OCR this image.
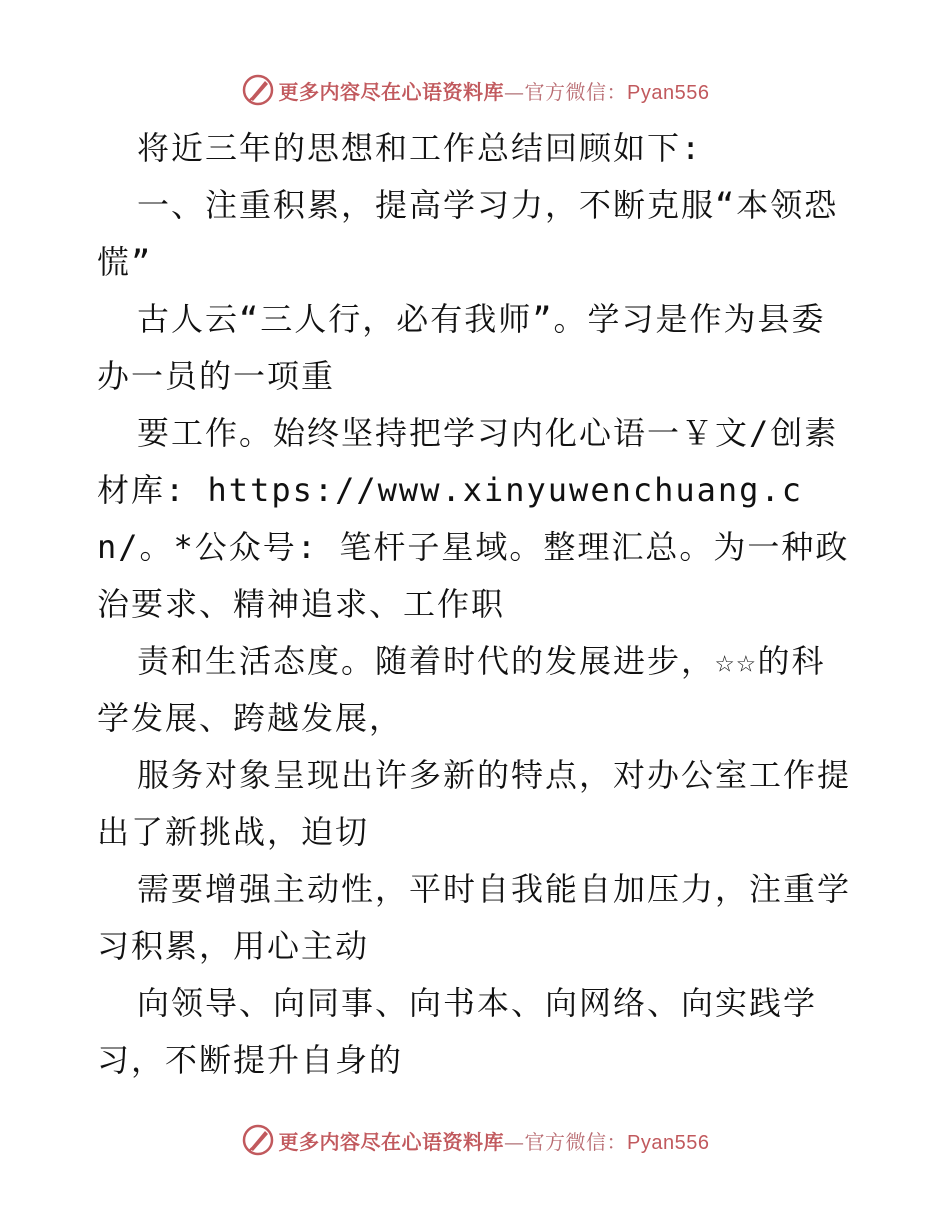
更多内容尽在心语资料库—官方微信：Pyan556

将近三年的思想和工作总结回顾如下:

一、注重积累，提高学习力，不断克服“本领恐慌”

古人云“三人行，必有我师”。学习是作为县委办一员的一项重

要工作。始终坚持把学习内化心语一￥文/创素材库: https://www.xinyuwenchuang.cn/。*公众号: 笔杆子星域。整理汇总。为一种政治要求、精神追求、工作职

责和生活态度。随着时代的发展进步，☆☆的科学发展、跨越发展，

服务对象呈现出许多新的特点，对办公室工作提出了新挑战，迫切

需要增强主动性，平时自我能自加压力，注重学习积累，用心主动

向领导、向同事、向书本、向网络、向实践学习，不断提升自身的

更多内容尽在心语资料库—官方微信：Pyan556
